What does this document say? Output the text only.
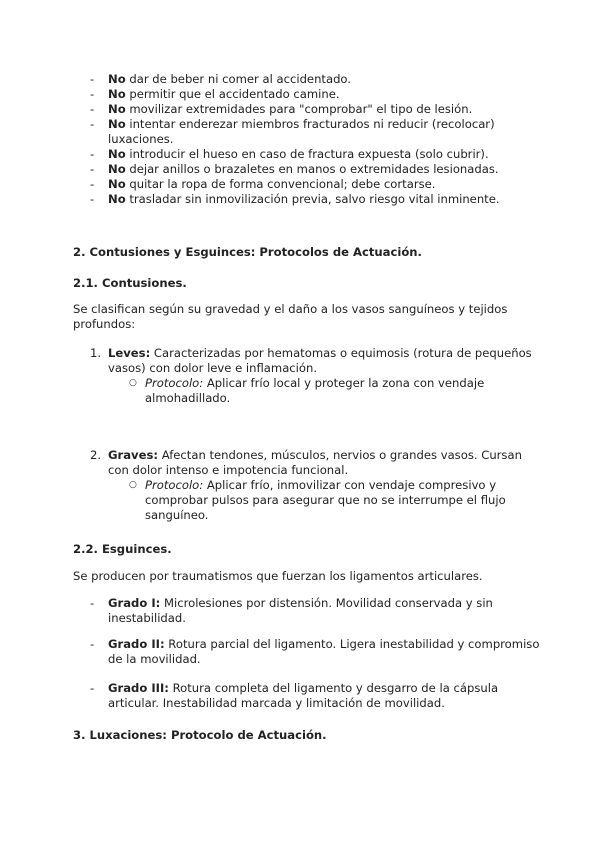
- No dar de beber ni comer al accidentado.
- No permitir que el accidentado camine.
- No movilizar extremidades para "comprobar" el tipo de lesión.
- No intentar enderezar miembros fracturados ni reducir (recolocar) luxaciones.
- No introducir el hueso en caso de fractura expuesta (solo cubrir).
- No dejar anillos o brazaletes en manos o extremidades lesionadas.
- No quitar la ropa de forma convencional; debe cortarse.
- No trasladar sin inmovilización previa, salvo riesgo vital inminente.
2. Contusiones y Esguinces: Protocolos de Actuación.
2.1. Contusiones.

Se clasifican según su gravedad y el daño a los vasos sanguíneos y tejidos profundos:

1. Leves: Caracterizadas por hematomas o equimosis (rotura de pequeños vasos) con dolor leve e inflamación.
○ Protocolo: Aplicar frío local y proteger la zona con vendaje almohadillado.
2. Graves: Afectan tendones, músculos, nervios o grandes vasos. Cursan con dolor intenso e impotencia funcional.
○ Protocolo: Aplicar frío, inmovilizar con vendaje compresivo y comprobar pulsos para asegurar que no se interrumpe el flujo sanguíneo.
2.2. Esguinces.

Se producen por traumatismos que fuerzan los ligamentos articulares.

- Grado I: Microlesiones por distensión. Movilidad conservada y sin inestabilidad.
- Grado II: Rotura parcial del ligamento. Ligera inestabilidad y compromiso de la movilidad.
- Grado III: Rotura completa del ligamento y desgarro de la cápsula articular. Inestabilidad marcada y limitación de movilidad.
3. Luxaciones: Protocolo de Actuación.
